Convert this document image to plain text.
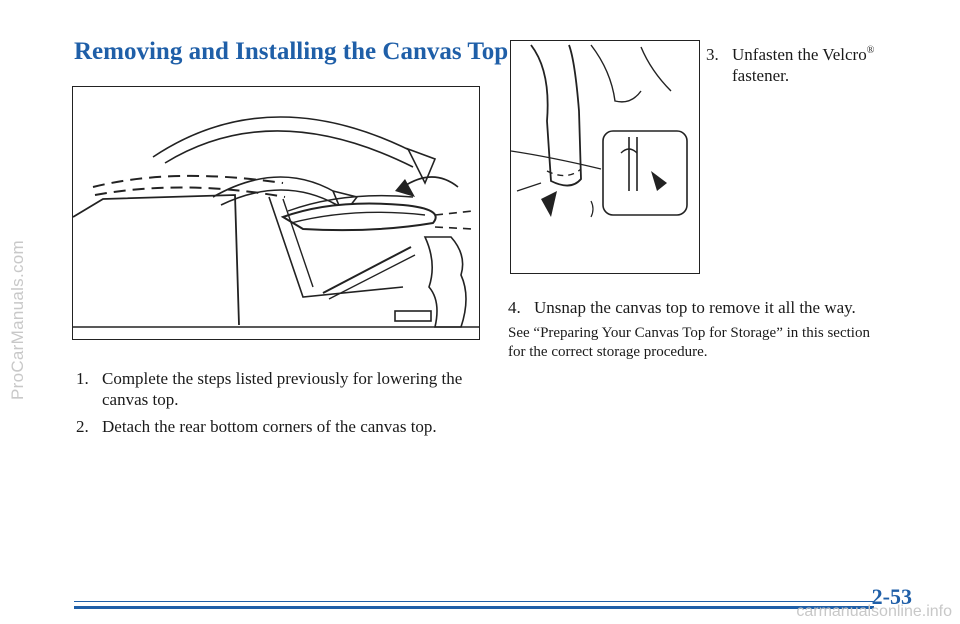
ProCarManuals.com
Removing and Installing the Canvas Top
1. Complete the steps listed previously for lowering the canvas top.
2. Detach the rear bottom corners of the canvas top.
3. Unfasten the Velcro® fastener.
4. Unsnap the canvas top to remove it all the way.

See “Preparing Your Canvas Top for Storage” in this section for the correct storage procedure.

2-53
carmanualsonline.info
